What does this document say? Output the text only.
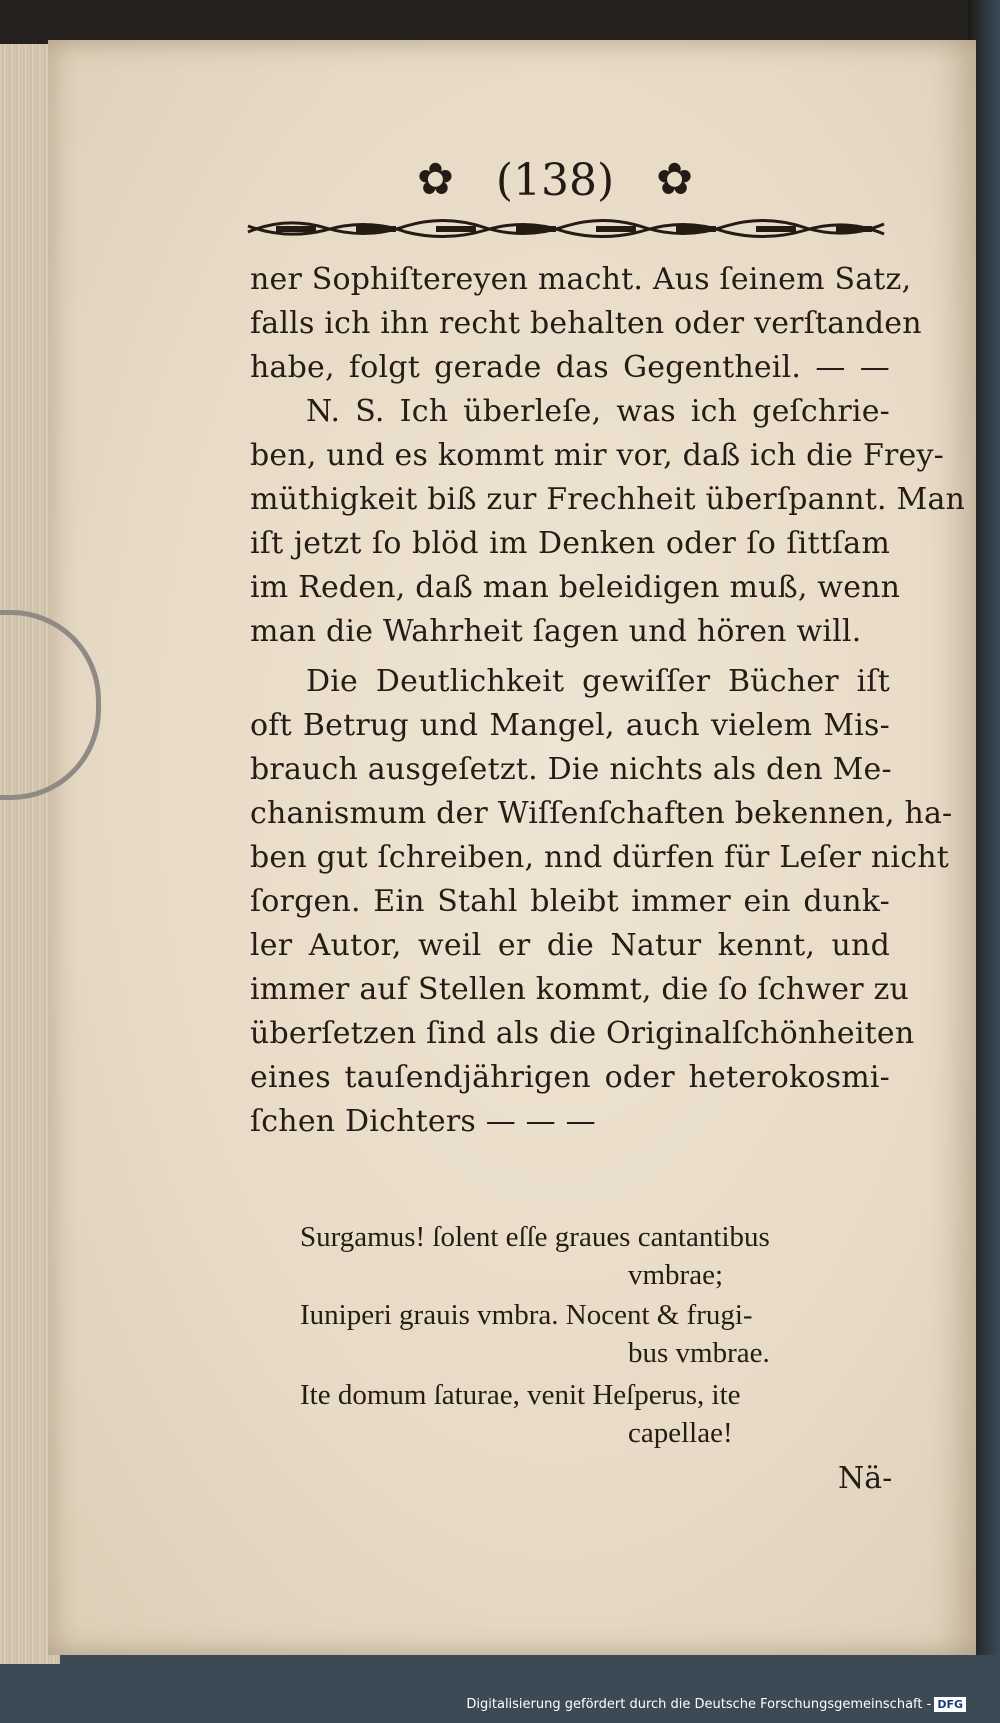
✿ (138) ✿
ner Sophiſtereyen macht. Aus ſeinem Satz,
falls ich ihn recht behalten oder verſtanden
habe, folgt gerade das Gegentheil. — —
N. S. Ich überleſe, was ich geſchrie-
ben, und es kommt mir vor, daß ich die Frey-
müthigkeit biß zur Frechheit überſpannt. Man
iſt jetzt ſo blöd im Denken oder ſo ſittſam
im Reden, daß man beleidigen muß, wenn
man die Wahrheit ſagen und hören will.
Die Deutlichkeit gewiſſer Bücher iſt
oft Betrug und Mangel, auch vielem Mis-
brauch ausgeſetzt. Die nichts als den Me-
chanismum der Wiſſenſchaften bekennen, ha-
ben gut ſchreiben, nnd dürfen für Leſer nicht
ſorgen. Ein Stahl bleibt immer ein dunk-
ler Autor, weil er die Natur kennt, und
immer auf Stellen kommt, die ſo ſchwer zu
überſetzen ſind als die Originalſchönheiten
eines tauſendjährigen oder heterokosmi-
ſchen Dichters — — —
Surgamus! ſolent eſſe graues cantantibus
vmbrae;
Iuniperi grauis vmbra. Nocent & frugi-
bus vmbrae.
Ite domum ſaturae, venit Heſperus, ite
capellae!
Nä-
Digitalisierung gefördert durch die Deutsche Forschungsgemeinschaft - DFG
